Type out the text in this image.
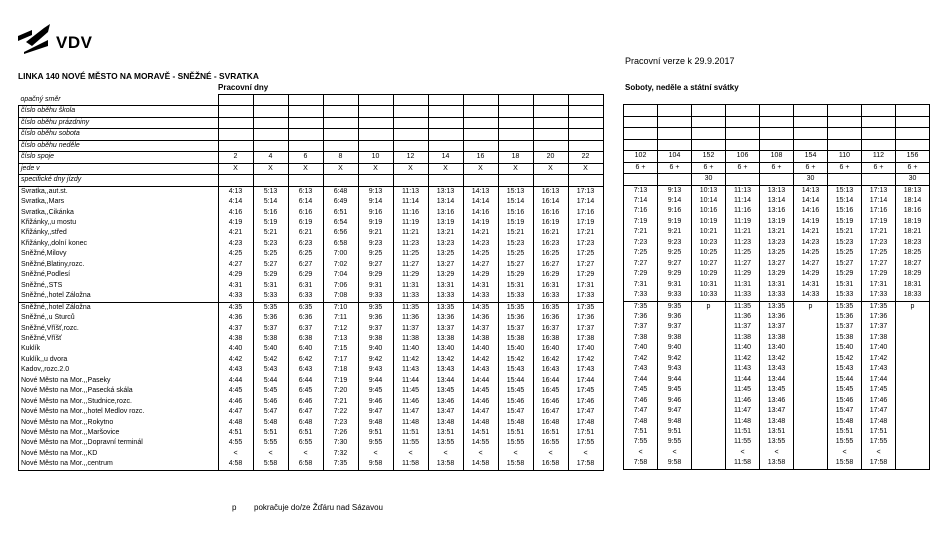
VDV
LINKA 140 NOVÉ MĚSTO NA MORAVĚ - SNĚŽNÉ - SVRATKA
Pracovní verze k 29.9.2017
Pracovní dny	Soboty, neděle a státní svátky
opačný směr											
číslo oběhu škola											
číslo oběhu prázdniny											
číslo oběhu sobota											
číslo oběhu neděle											
číslo spoje	2	4	6	8	10	12	14	16	18	20	22
jede v	X	X	X	X	X	X	X	X	X	X	X
specifické dny jízdy											
Svratka,,aut.st.	4:13	5:13	6:13	6:48	9:13	11:13	13:13	14:13	15:13	16:13	17:13
Svratka,,Mars	4:14	5:14	6:14	6:49	9:14	11:14	13:14	14:14	15:14	16:14	17:14
Svratka,,Cikánka	4:16	5:16	6:16	6:51	9:16	11:16	13:16	14:16	15:16	16:16	17:16
Křižánky,,u mostu	4:19	5:19	6:19	6:54	9:19	11:19	13:19	14:19	15:19	16:19	17:19
Křižánky,,střed	4:21	5:21	6:21	6:56	9:21	11:21	13:21	14:21	15:21	16:21	17:21
Křižánky,,dolní konec	4:23	5:23	6:23	6:58	9:23	11:23	13:23	14:23	15:23	16:23	17:23
Sněžné,Milovy	4:25	5:25	6:25	7:00	9:25	11:25	13:25	14:25	15:25	16:25	17:25
Sněžné,Blatiny,rozc.	4:27	5:27	6:27	7:02	9:27	11:27	13:27	14:27	15:27	16:27	17:27
Sněžné,Podlesí	4:29	5:29	6:29	7:04	9:29	11:29	13:29	14:29	15:29	16:29	17:29
Sněžné,,STS	4:31	5:31	6:31	7:06	9:31	11:31	13:31	14:31	15:31	16:31	17:31
Sněžné,,hotel Záložna	4:33	5:33	6:33	7:08	9:33	11:33	13:33	14:33	15:33	16:33	17:33
Sněžné,,hotel Záložna	4:35	5:35	6:35	7:10	9:35	11:35	13:35	14:35	15:35	16:35	17:35
Sněžné,,u Šturců	4:36	5:36	6:36	7:11	9:36	11:36	13:36	14:36	15:36	16:36	17:36
Sněžné,Vříšť,rozc.	4:37	5:37	6:37	7:12	9:37	11:37	13:37	14:37	15:37	16:37	17:37
Sněžné,Vříšť	4:38	5:38	6:38	7:13	9:38	11:38	13:38	14:38	15:38	16:38	17:38
Kuklík	4:40	5:40	6:40	7:15	9:40	11:40	13:40	14:40	15:40	16:40	17:40
Kuklík,,u dvora	4:42	5:42	6:42	7:17	9:42	11:42	13:42	14:42	15:42	16:42	17:42
Kadov,,rozc.2.0	4:43	5:43	6:43	7:18	9:43	11:43	13:43	14:43	15:43	16:43	17:43
Nové Město na Mor.,,Paseky	4:44	5:44	6:44	7:19	9:44	11:44	13:44	14:44	15:44	16:44	17:44
Nové Město na Mor.,,Pasecká skála	4:45	5:45	6:45	7:20	9:45	11:45	13:45	14:45	15:45	16:45	17:45
Nové Město na Mor.,,Studnice,rozc.	4:46	5:46	6:46	7:21	9:46	11:46	13:46	14:46	15:46	16:46	17:46
Nové Město na Mor.,,hotel Medlov rozc.	4:47	5:47	6:47	7:22	9:47	11:47	13:47	14:47	15:47	16:47	17:47
Nové Město na Mor.,,Rokytno	4:48	5:48	6:48	7:23	9:48	11:48	13:48	14:48	15:48	16:48	17:48
Nové Město na Mor.,,Maršovice	4:51	5:51	6:51	7:26	9:51	11:51	13:51	14:51	15:51	16:51	17:51
Nové Město na Mor.,,Dopravní terminál	4:55	5:55	6:55	7:30	9:55	11:55	13:55	14:55	15:55	16:55	17:55
Nové Město na Mor.,,KD	<	<	<	7:32	<	<	<	<	<	<	<
Nové Město na Mor.,,centrum	4:58	5:58	6:58	7:35	9:58	11:58	13:58	14:58	15:58	16:58	17:58

102	104	152	106	108	154	110	112	156
6 +	6 +	6 +	6 +	6 +	6 +	6 +	6 +	6 +
		30			30			30
7:13	9:13	10:13	11:13	13:13	14:13	15:13	17:13	18:13
7:14	9:14	10:14	11:14	13:14	14:14	15:14	17:14	18:14
7:16	9:16	10:16	11:16	13:16	14:16	15:16	17:16	18:16
7:19	9:19	10:19	11:19	13:19	14:19	15:19	17:19	18:19
7:21	9:21	10:21	11:21	13:21	14:21	15:21	17:21	18:21
7:23	9:23	10:23	11:23	13:23	14:23	15:23	17:23	18:23
7:25	9:25	10:25	11:25	13:25	14:25	15:25	17:25	18:25
7:27	9:27	10:27	11:27	13:27	14:27	15:27	17:27	18:27
7:29	9:29	10:29	11:29	13:29	14:29	15:29	17:29	18:29
7:31	9:31	10:31	11:31	13:31	14:31	15:31	17:31	18:31
7:33	9:33	10:33	11:33	13:33	14:33	15:33	17:33	18:33
7:35	9:35	p	11:35	13:35	p	15:35	17:35	p
7:36	9:36		11:36	13:36		15:36	17:36	
7:37	9:37		11:37	13:37		15:37	17:37	
7:38	9:38		11:38	13:38		15:38	17:38	
7:40	9:40		11:40	13:40		15:40	17:40	
7:42	9:42		11:42	13:42		15:42	17:42	
7:43	9:43		11:43	13:43		15:43	17:43	
7:44	9:44		11:44	13:44		15:44	17:44	
7:45	9:45		11:45	13:45		15:45	17:45	
7:46	9:46		11:46	13:46		15:46	17:46	
7:47	9:47		11:47	13:47		15:47	17:47	
7:48	9:48		11:48	13:48		15:48	17:48	
7:51	9:51		11:51	13:51		15:51	17:51	
7:55	9:55		11:55	13:55		15:55	17:55	
<	<		<	<		<	<	
7:58	9:58		11:58	13:58		15:58	17:58	
p pokračuje do/ze Žďáru nad Sázavou
